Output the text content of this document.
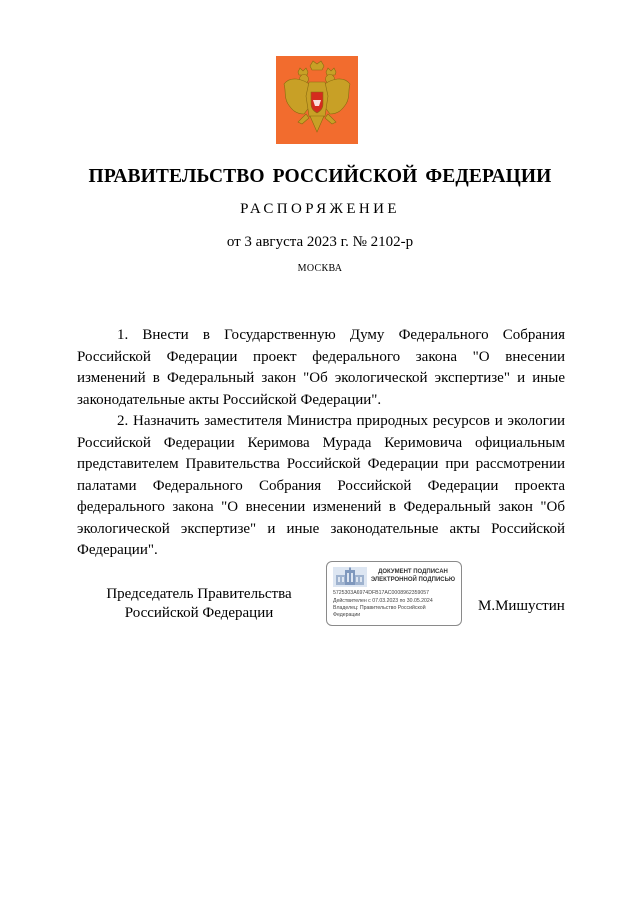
ПРАВИТЕЛЬСТВО РОССИЙСКОЙ ФЕДЕРАЦИИ
РАСПОРЯЖЕНИЕ
от 3 августа 2023 г. № 2102-р
МОСКВА

1. Внести в Государственную Думу Федерального Собрания Российской Федерации проект федерального закона "О внесении изменений в Федеральный закон "Об экологической экспертизе" и иные законодательные акты Российской Федерации".

2. Назначить заместителя Министра природных ресурсов и экологии Российской Федерации Керимова Мурада Керимовича официальным представителем Правительства Российской Федерации при рассмотрении палатами Федерального Собрания Российской Федерации проекта федерального закона "О внесении изменений в Федеральный закон "Об экологической экспертизе" и иные законодательные акты Российской Федерации".

Председатель Правительства
Российской Федерации
ДОКУМЕНТ ПОДПИСАН
ЭЛЕКТРОННОЙ ПОДПИСЬЮ
5725303A6974DFB17AC0008962359057
Действителен с 07.03.2023 по 30.05.2024
Владелец: Правительство Российской
Федерации
М.Мишустин
